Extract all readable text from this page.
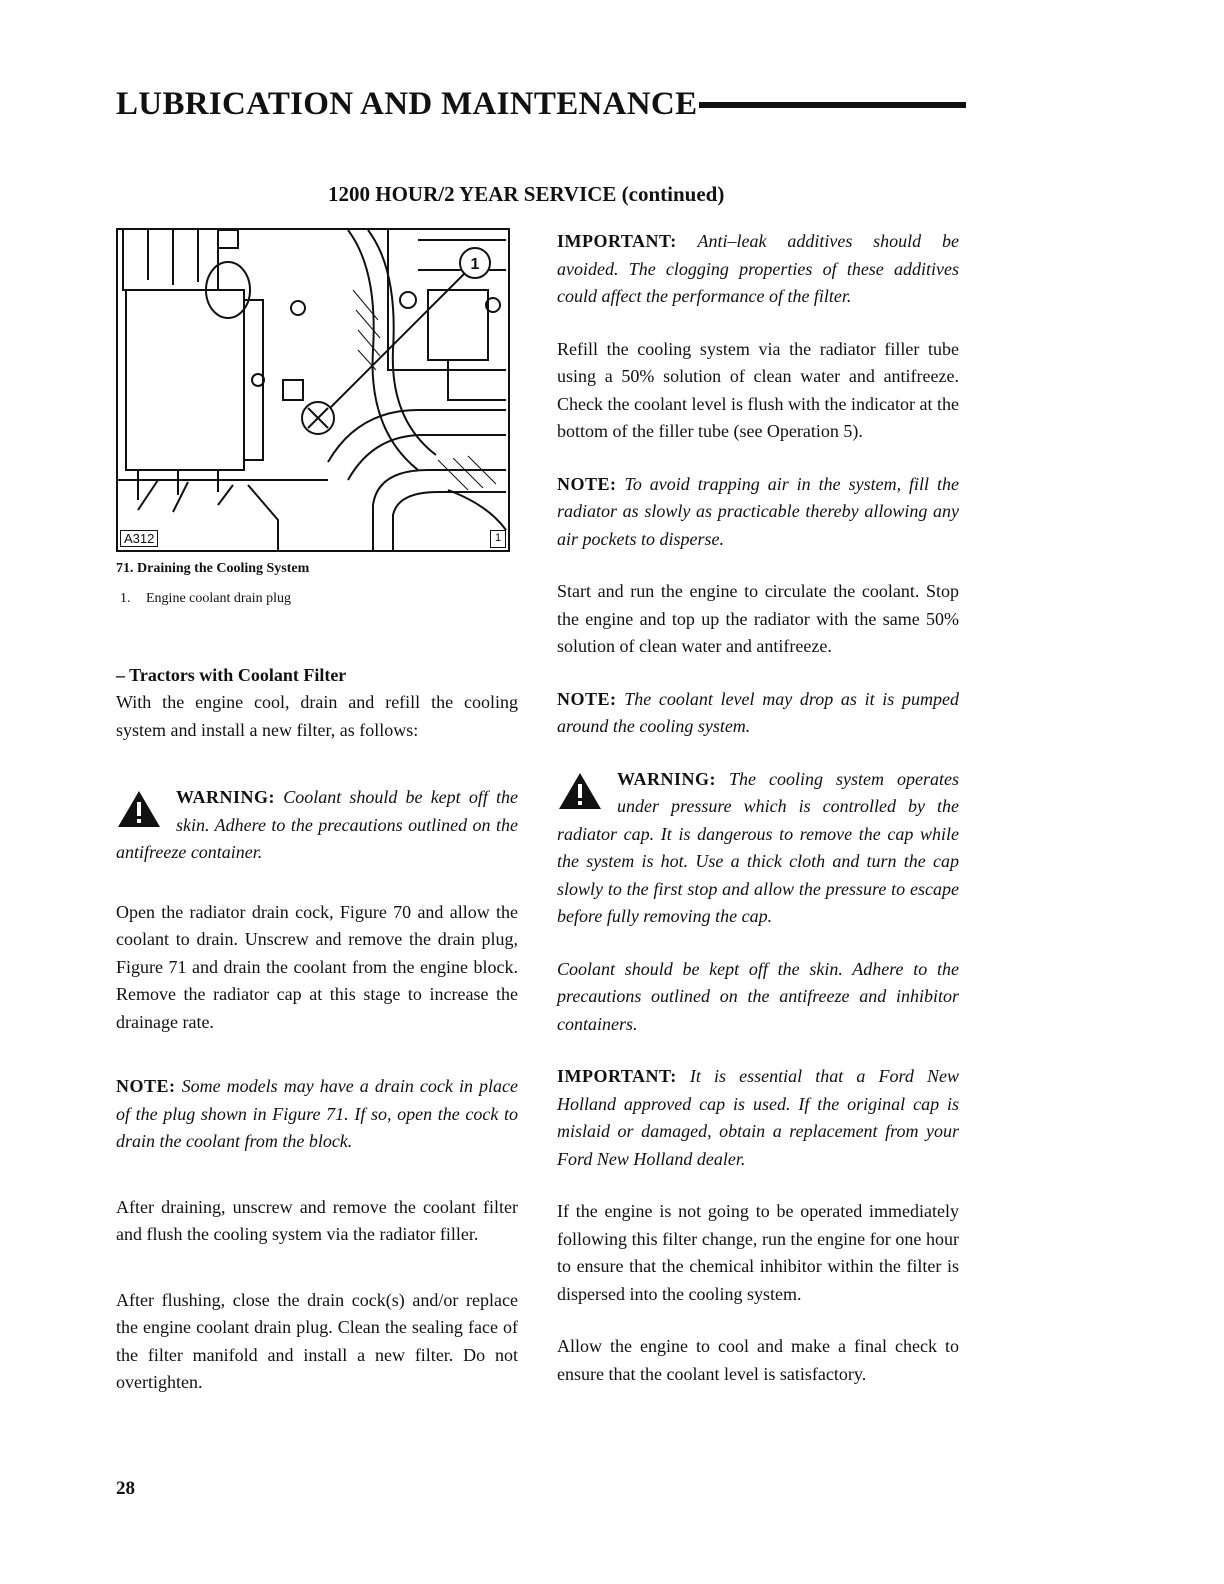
LUBRICATION AND MAINTENANCE
1200 HOUR/2 YEAR SERVICE (continued)
1
A312	1
71. Draining the Cooling System
1. Engine coolant drain plug
– Tractors with Coolant Filter

With the engine cool, drain and refill the cooling system and install a new filter, as follows:

WARNING: Coolant should be kept off the skin. Adhere to the precautions outlined on the antifreeze container.

Open the radiator drain cock, Figure 70 and allow the coolant to drain. Unscrew and remove the drain plug, Figure 71 and drain the coolant from the engine block. Remove the radiator cap at this stage to increase the drainage rate.

NOTE: Some models may have a drain cock in place of the plug shown in Figure 71. If so, open the cock to drain the coolant from the block.

After draining, unscrew and remove the coolant filter and flush the cooling system via the radiator filler.

After flushing, close the drain cock(s) and/or replace the engine coolant drain plug. Clean the sealing face of the filter manifold and install a new filter. Do not overtighten.

IMPORTANT: Anti–leak additives should be avoided. The clogging properties of these additives could affect the performance of the filter.

Refill the cooling system via the radiator filler tube using a 50% solution of clean water and antifreeze. Check the coolant level is flush with the indicator at the bottom of the filler tube (see Operation 5).

NOTE: To avoid trapping air in the system, fill the radiator as slowly as practicable thereby allowing any air pockets to disperse.

Start and run the engine to circulate the coolant. Stop the engine and top up the radiator with the same 50% solution of clean water and antifreeze.

NOTE: The coolant level may drop as it is pumped around the cooling system.

WARNING: The cooling system operates under pressure which is controlled by the radiator cap. It is dangerous to remove the cap while the system is hot. Use a thick cloth and turn the cap slowly to the first stop and allow the pressure to escape before fully removing the cap.

Coolant should be kept off the skin. Adhere to the precautions outlined on the antifreeze and inhibitor containers.

IMPORTANT: It is essential that a Ford New Holland approved cap is used. If the original cap is mislaid or damaged, obtain a replacement from your Ford New Holland dealer.

If the engine is not going to be operated immediately following this filter change, run the engine for one hour to ensure that the chemical inhibitor within the filter is dispersed into the cooling system.

Allow the engine to cool and make a final check to ensure that the coolant level is satisfactory.

28
